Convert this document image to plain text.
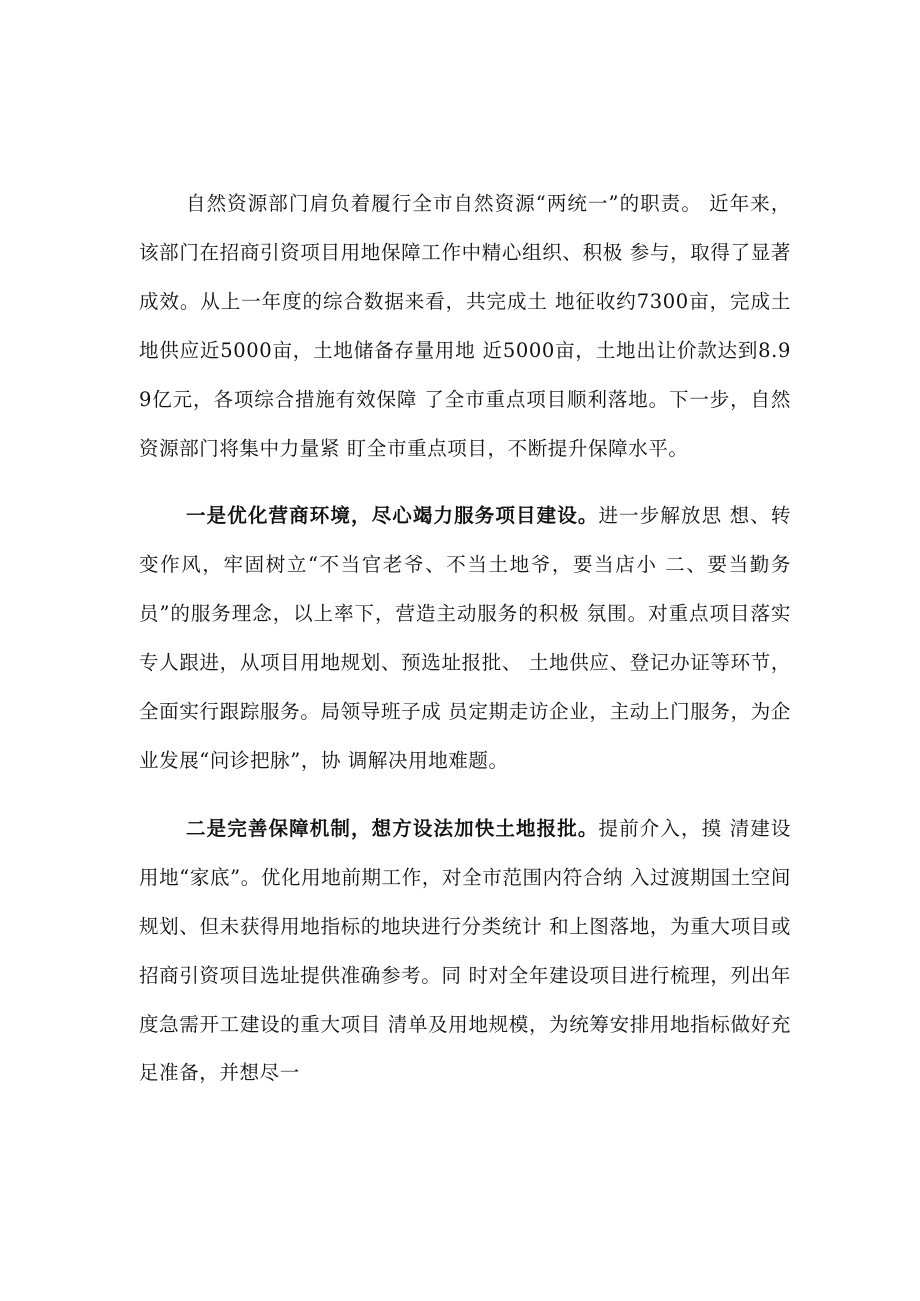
自然资源部门肩负着履行全市自然资源“两统一”的职责。 近年来，该部门在招商引资项目用地保障工作中精心组织、积极 参与，取得了显著成效。从上一年度的综合数据来看，共完成土 地征收约7300亩，完成土地供应近5000亩，土地储备存量用地 近5000亩，土地出让价款达到8.99亿元，各项综合措施有效保障 了全市重点项目顺利落地。下一步，自然资源部门将集中力量紧 盯全市重点项目，不断提升保障水平。

一是优化营商环境，尽心竭力服务项目建设。进一步解放思 想、转变作风，牢固树立“不当官老爷、不当土地爷，要当店小 二、要当勤务员”的服务理念，以上率下，营造主动服务的积极 氛围。对重点项目落实专人跟进，从项目用地规划、预选址报批、 土地供应、登记办证等环节，全面实行跟踪服务。局领导班子成 员定期走访企业，主动上门服务，为企业发展“问诊把脉”，协 调解决用地难题。

二是完善保障机制，想方设法加快土地报批。提前介入，摸 清建设用地“家底”。优化用地前期工作，对全市范围内符合纳 入过渡期国土空间规划、但未获得用地指标的地块进行分类统计 和上图落地，为重大项目或招商引资项目选址提供准确参考。同 时对全年建设项目进行梳理，列出年度急需开工建设的重大项目 清单及用地规模，为统筹安排用地指标做好充足准备，并想尽一
